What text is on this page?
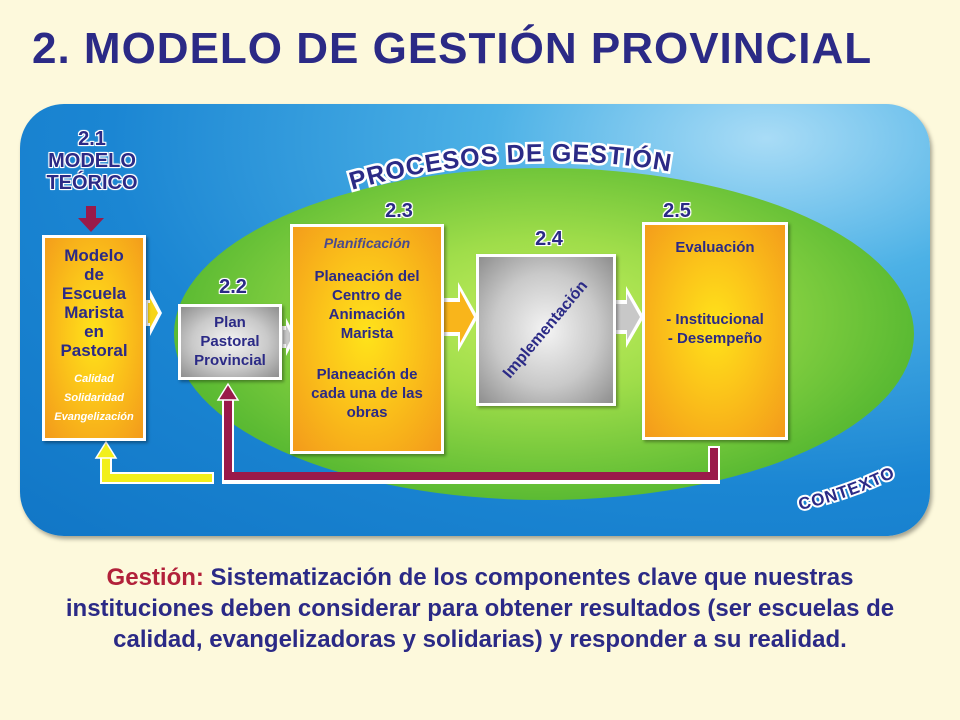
2. MODELO DE GESTIÓN PROVINCIAL
PROCESOS DE GESTIÓN
CONTEXTO
2.1
MODELO
TEÓRICO
Modelo
de
Escuela
Marista
en
Pastoral
Calidad
Solidaridad
Evangelización
2.2
Plan
Pastoral
Provincial
2.3
Planificación
Planeación del
Centro de
Animación
Marista
Planeación de
cada una de las
obras
2.4
Implementación
2.5
Evaluación
- Institucional
- Desempeño
Gestión: Sistematización de los componentes clave que nuestras instituciones deben considerar para obtener resultados (ser escuelas de calidad, evangelizadoras y solidarias) y responder a su realidad.
